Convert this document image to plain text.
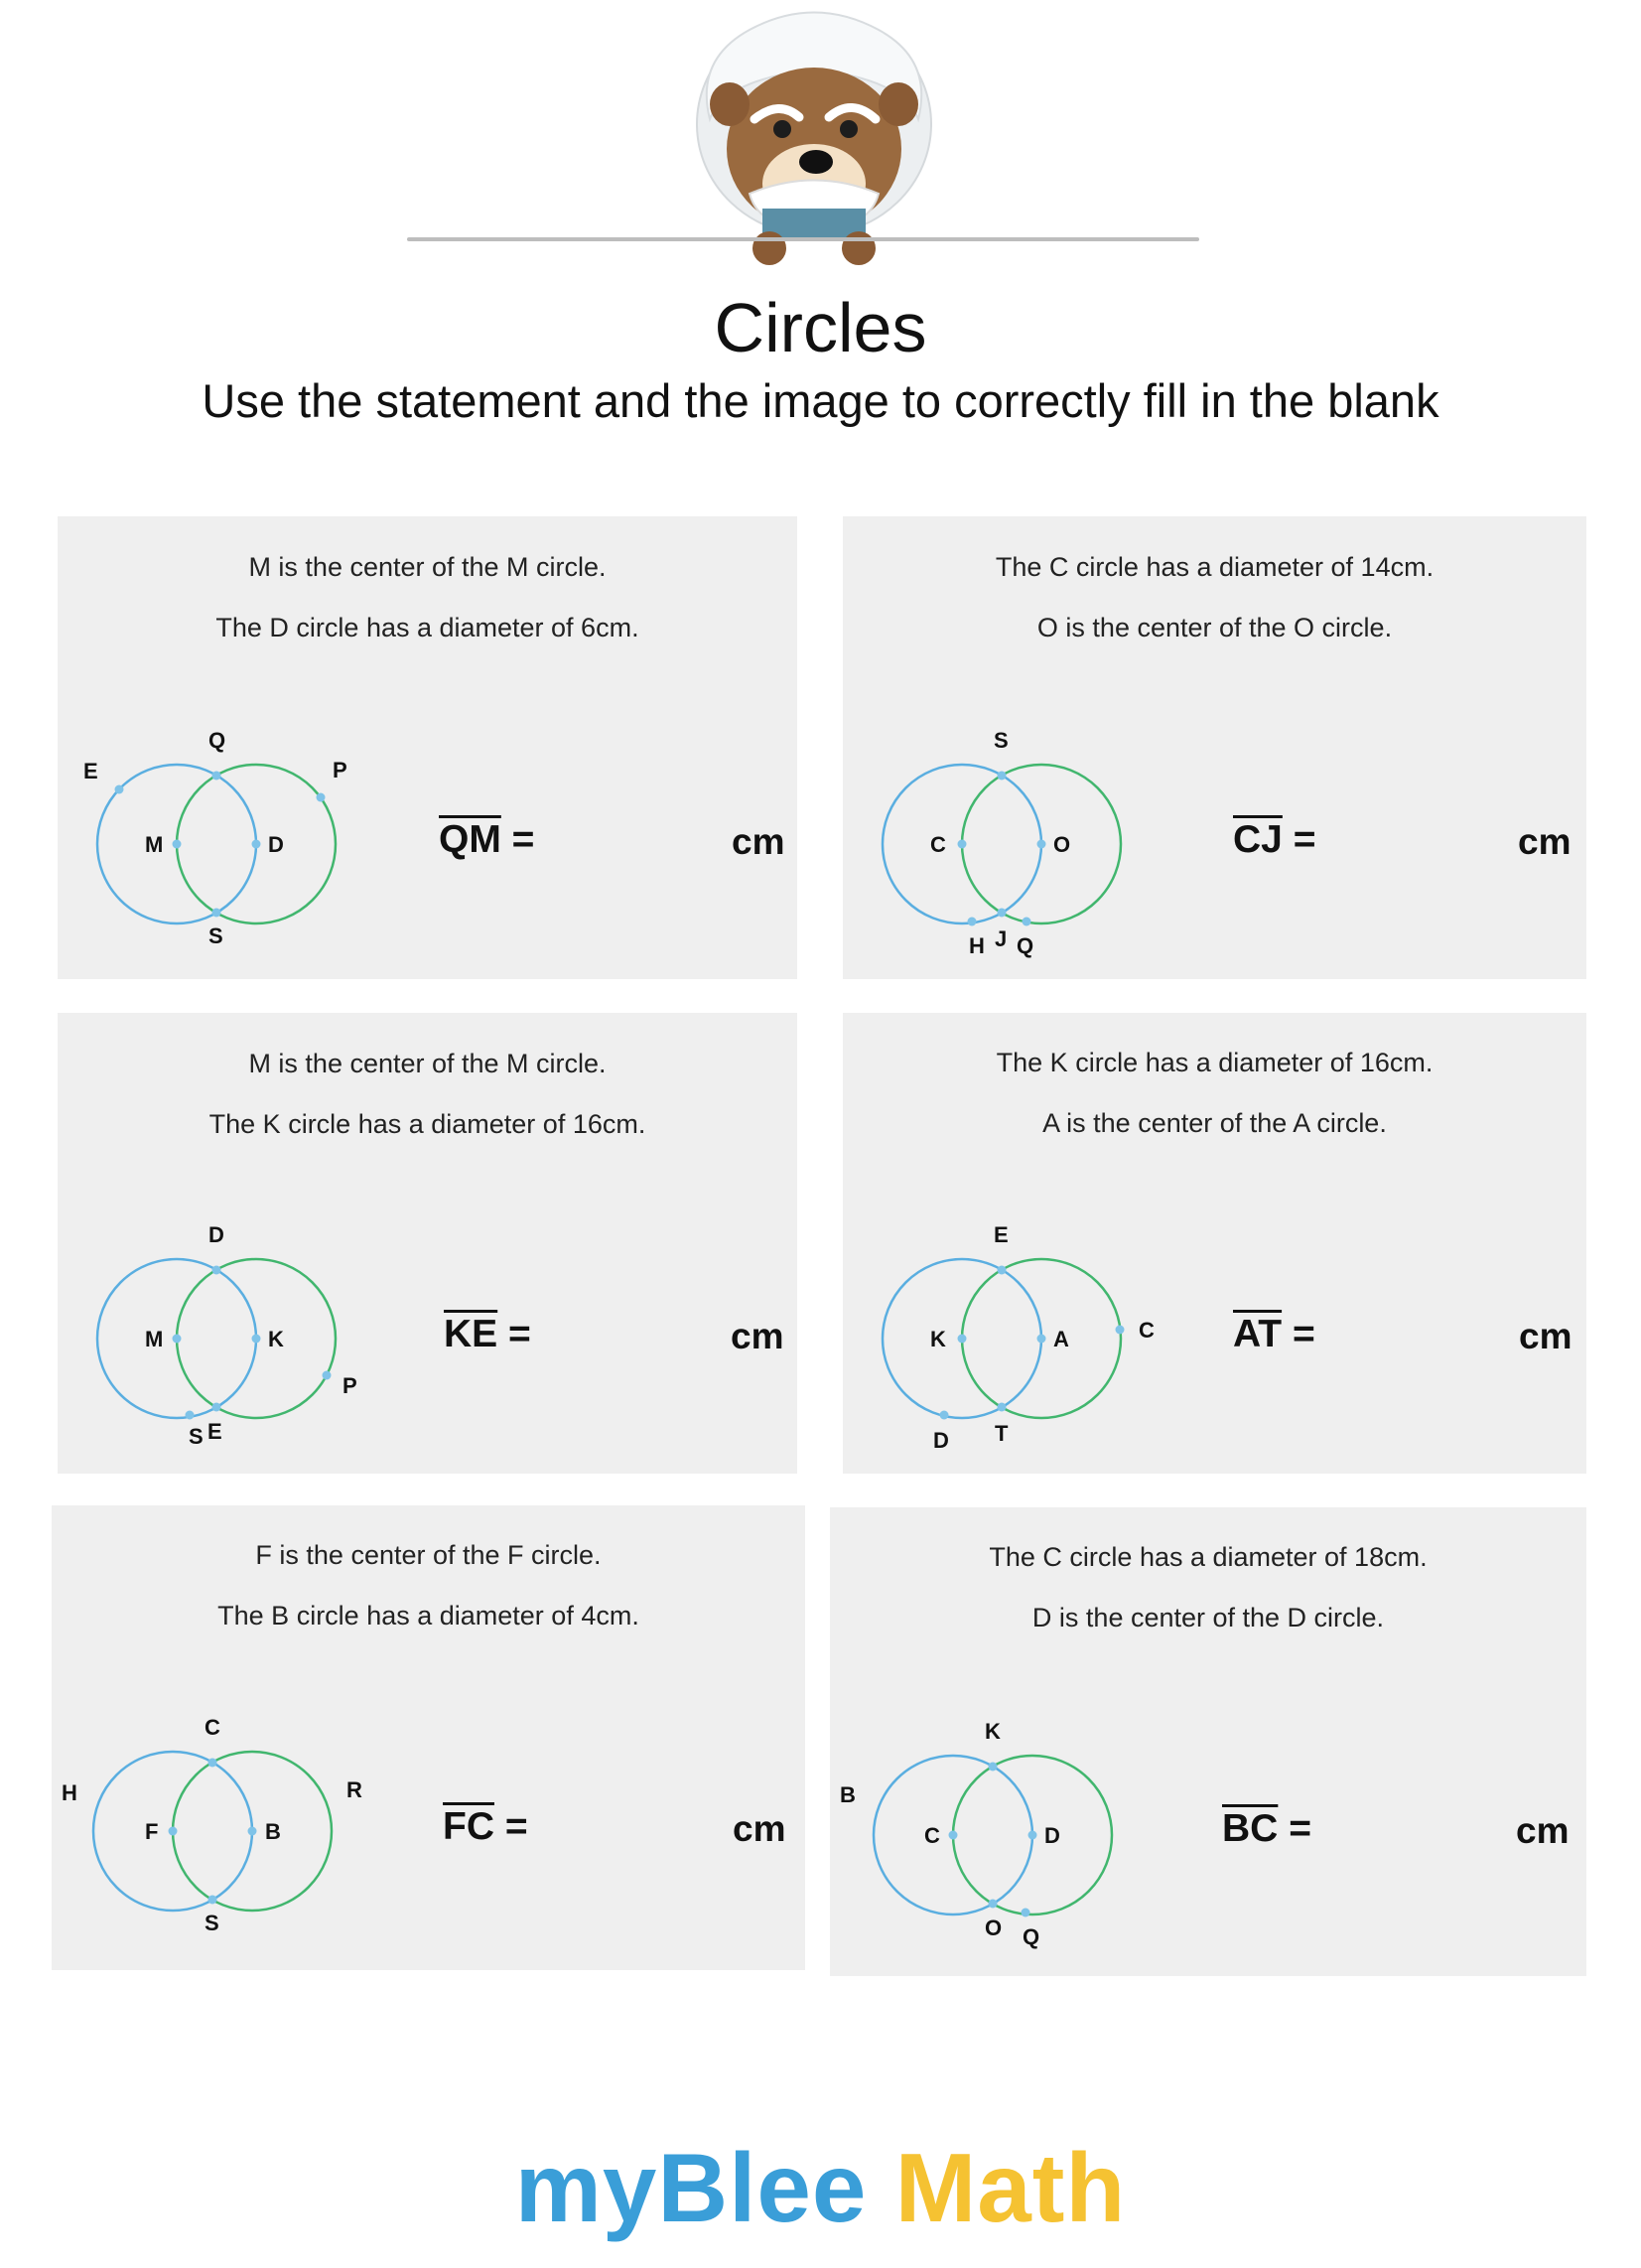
Circles
Use the statement and the image to correctly fill in the blank
M is the center of the M circle.
The D circle has a diameter of 6cm.
E
Q
P
M	D
S
$\overline{QM}$ =	cm
The C circle has a diameter of 14cm.
O is the center of the O circle.
S
C	O
H J Q
$\overline{CJ}$ =	cm
M is the center of the M circle.
The K circle has a diameter of 16cm.
D
M	K
P
S E
$\overline{KE}$ =	cm
The K circle has a diameter of 16cm.
A is the center of the A circle.
E
K	A	C
D T
$\overline{AT}$ =	cm
F is the center of the F circle.
The B circle has a diameter of 4cm.
C
H	R
F	B
S
$\overline{FC}$ =	cm
The C circle has a diameter of 18cm.
D is the center of the D circle.
K
B
C	D
O Q
$\overline{BC}$ =	cm
myBlee Math
